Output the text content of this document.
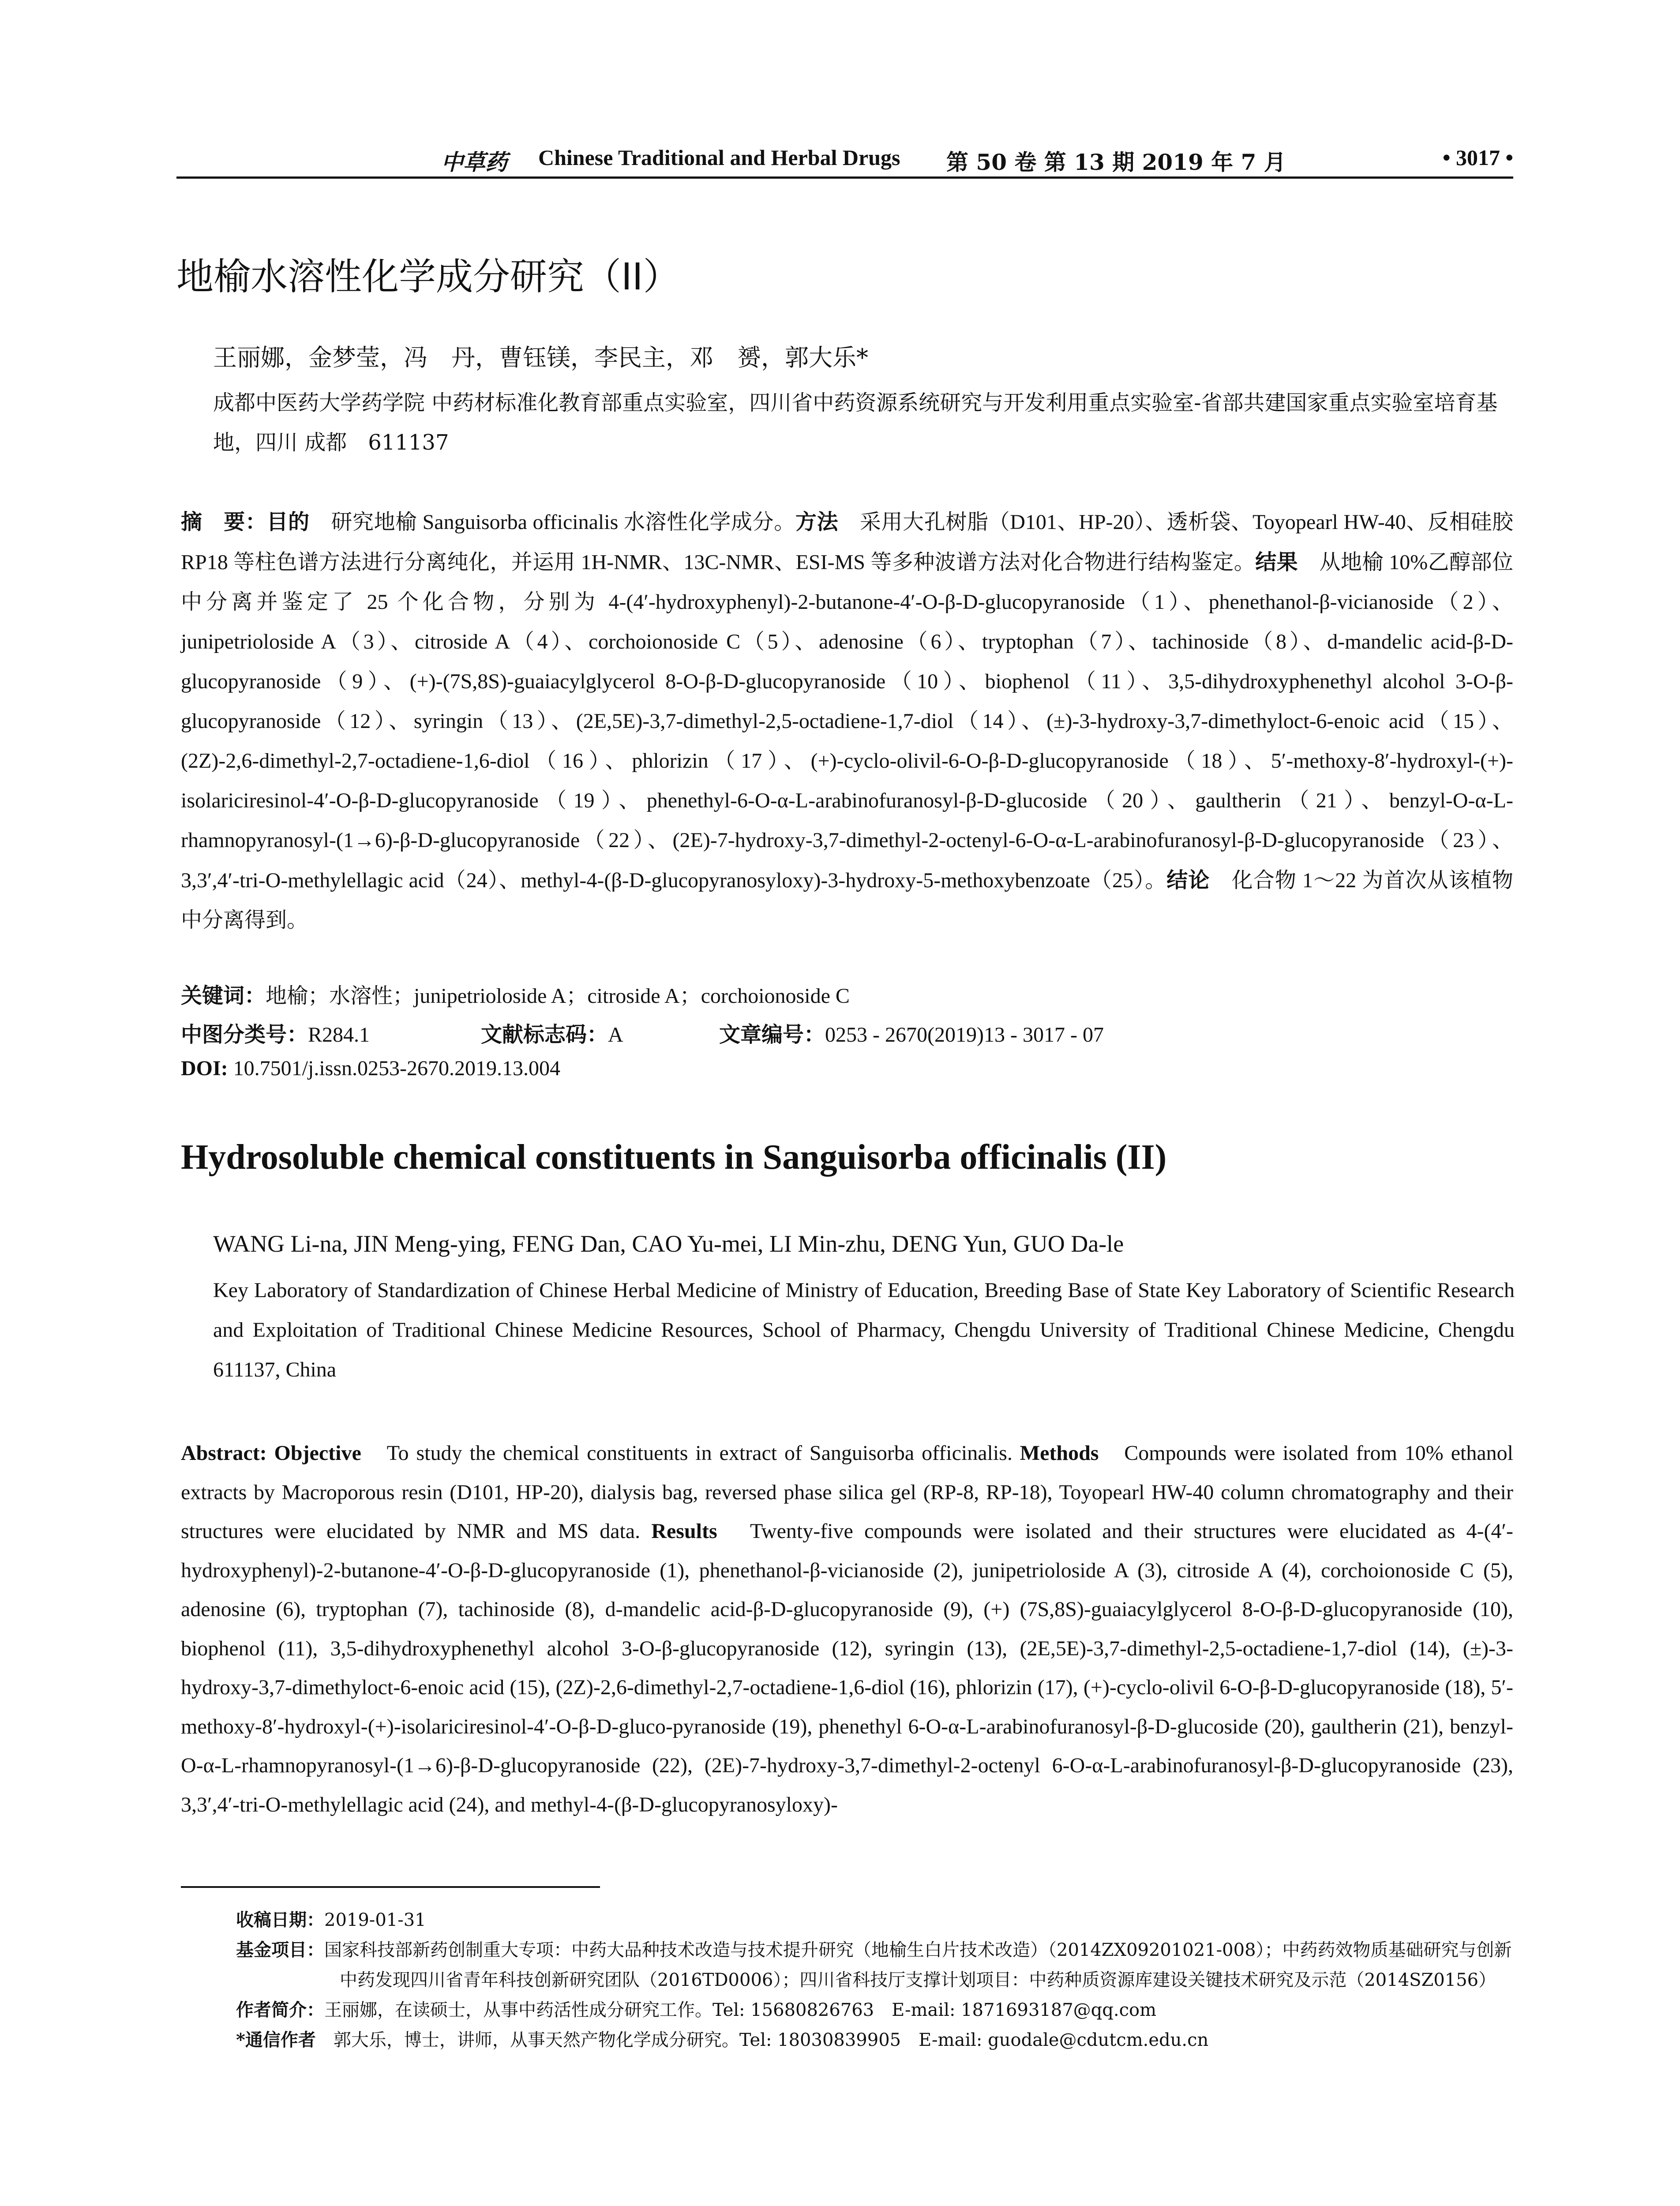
中草药 Chinese Traditional and Herbal Drugs 第 50 卷 第 13 期 2019 年 7 月	• 3017 •
地榆水溶性化学成分研究（II）
王丽娜，金梦莹，冯　丹，曹钰镁，李民主，邓　赟，郭大乐*
成都中医药大学药学院 中药材标准化教育部重点实验室，四川省中药资源系统研究与开发利用重点实验室-省部共建国家重点实验室培育基地，四川 成都　611137
摘　要：目的　研究地榆 Sanguisorba officinalis 水溶性化学成分。方法　采用大孔树脂（D101、HP-20）、透析袋、Toyopearl HW-40、反相硅胶 RP18 等柱色谱方法进行分离纯化，并运用 1H-NMR、13C-NMR、ESI-MS 等多种波谱方法对化合物进行结构鉴定。结果　从地榆 10%乙醇部位中分离并鉴定了 25 个化合物，分别为 4-(4′-hydroxyphenyl)-2-butanone-4′-O-β-D-glucopyranoside（1）、phenethanol-β-vicianoside（2）、junipetrioloside A（3）、citroside A（4）、corchoionoside C（5）、adenosine（6）、tryptophan（7）、tachinoside（8）、d-mandelic acid-β-D-glucopyranoside（9）、(+)-(7S,8S)-guaiacylglycerol 8-O-β-D-glucopyranoside（10）、biophenol（11）、3,5-dihydroxyphenethyl alcohol 3-O-β-glucopyranoside（12）、syringin（13）、(2E,5E)-3,7-dimethyl-2,5-octadiene-1,7-diol（14）、(±)-3-hydroxy-3,7-dimethyloct-6-enoic acid（15）、(2Z)-2,6-dimethyl-2,7-octadiene-1,6-diol（16）、phlorizin（17）、(+)-cyclo-olivil-6-O-β-D-glucopyranoside（18）、5′-methoxy-8′-hydroxyl-(+)-isolariciresinol-4′-O-β-D-glucopyranoside（19）、phenethyl-6-O-α-L-arabinofuranosyl-β-D-glucoside（20）、gaultherin（21）、benzyl-O-α-L-rhamnopyranosyl-(1→6)-β-D-glucopyranoside（22）、(2E)-7-hydroxy-3,7-dimethyl-2-octenyl-6-O-α-L-arabinofuranosyl-β-D-glucopyranoside（23）、3,3′,4′-tri-O-methylellagic acid（24）、methyl-4-(β-D-glucopyranosyloxy)-3-hydroxy-5-methoxybenzoate（25）。结论　化合物 1～22 为首次从该植物中分离得到。
关键词：地榆；水溶性；junipetrioloside A；citroside A；corchoionoside C
中图分类号：R284.1	文献标志码：A	文章编号：0253 - 2670(2019)13 - 3017 - 07
DOI: 10.7501/j.issn.0253-2670.2019.13.004
Hydrosoluble chemical constituents in Sanguisorba officinalis (II)
WANG Li-na, JIN Meng-ying, FENG Dan, CAO Yu-mei, LI Min-zhu, DENG Yun, GUO Da-le
Key Laboratory of Standardization of Chinese Herbal Medicine of Ministry of Education, Breeding Base of State Key Laboratory of Scientific Research and Exploitation of Traditional Chinese Medicine Resources, School of Pharmacy, Chengdu University of Traditional Chinese Medicine, Chengdu 611137, China
Abstract: Objective　To study the chemical constituents in extract of Sanguisorba officinalis. Methods　Compounds were isolated from 10% ethanol extracts by Macroporous resin (D101, HP-20), dialysis bag, reversed phase silica gel (RP-8, RP-18), Toyopearl HW-40 column chromatography and their structures were elucidated by NMR and MS data. Results　Twenty-five compounds were isolated and their structures were elucidated as 4-(4′-hydroxyphenyl)-2-butanone-4′-O-β-D-glucopyranoside (1), phenethanol-β-vicianoside (2), junipetrioloside A (3), citroside A (4), corchoionoside C (5), adenosine (6), tryptophan (7), tachinoside (8), d-mandelic acid-β-D-glucopyranoside (9), (+) (7S,8S)-guaiacylglycerol 8-O-β-D-glucopyranoside (10), biophenol (11), 3,5-dihydroxyphenethyl alcohol 3-O-β-glucopyranoside (12), syringin (13), (2E,5E)-3,7-dimethyl-2,5-octadiene-1,7-diol (14), (±)-3-hydroxy-3,7-dimethyloct-6-enoic acid (15), (2Z)-2,6-dimethyl-2,7-octadiene-1,6-diol (16), phlorizin (17), (+)-cyclo-olivil 6-O-β-D-glucopyranoside (18), 5′-methoxy-8′-hydroxyl-(+)-isolariciresinol-4′-O-β-D-gluco-pyranoside (19), phenethyl 6-O-α-L-arabinofuranosyl-β-D-glucoside (20), gaultherin (21), benzyl-O-α-L-rhamnopyranosyl-(1→6)-β-D-glucopyranoside (22), (2E)-7-hydroxy-3,7-dimethyl-2-octenyl 6-O-α-L-arabinofuranosyl-β-D-glucopyranoside (23), 3,3′,4′-tri-O-methylellagic acid (24), and methyl-4-(β-D-glucopyranosyloxy)-
收稿日期：2019-01-31
基金项目：国家科技部新药创制重大专项：中药大品种技术改造与技术提升研究（地榆生白片技术改造）（2014ZX09201021-008）；中药药效物质基础研究与创新中药发现四川省青年科技创新研究团队（2016TD0006）；四川省科技厅支撑计划项目：中药种质资源库建设关键技术研究及示范（2014SZ0156）
作者简介：王丽娜，在读硕士，从事中药活性成分研究工作。Tel: 15680826763　E-mail: 1871693187@qq.com
*通信作者　郭大乐，博士，讲师，从事天然产物化学成分研究。Tel: 18030839905　E-mail: guodale@cdutcm.edu.cn
